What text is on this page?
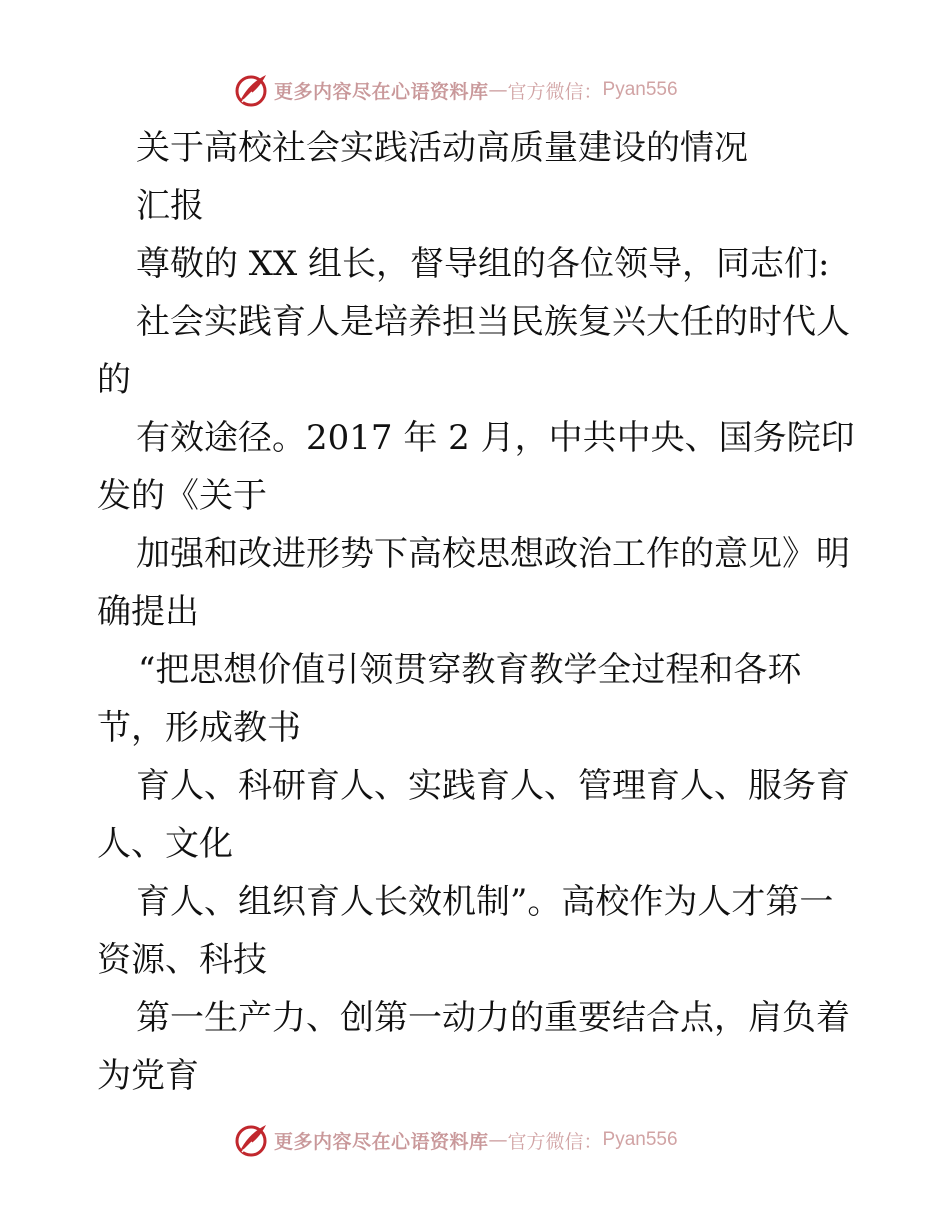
更多内容尽在心语资料库 — 官方微信： Pyan556
关于高校社会实践活动高质量建设的情况
汇报
尊敬的 XX 组长，督导组的各位领导，同志们:
社会实践育人是培养担当民族复兴大任的时代人
的
有效途径。2017 年 2 月，中共中央、国务院印
发的《关于
加强和改进形势下高校思想政治工作的意见》明
确提出
“把思想价值引领贯穿教育教学全过程和各环
节，形成教书
育人、科研育人、实践育人、管理育人、服务育
人、文化
育人、组织育人长效机制”。高校作为人才第一
资源、科技
第一生产力、创第一动力的重要结合点，肩负着
为党育
更多内容尽在心语资料库 — 官方微信： Pyan556
